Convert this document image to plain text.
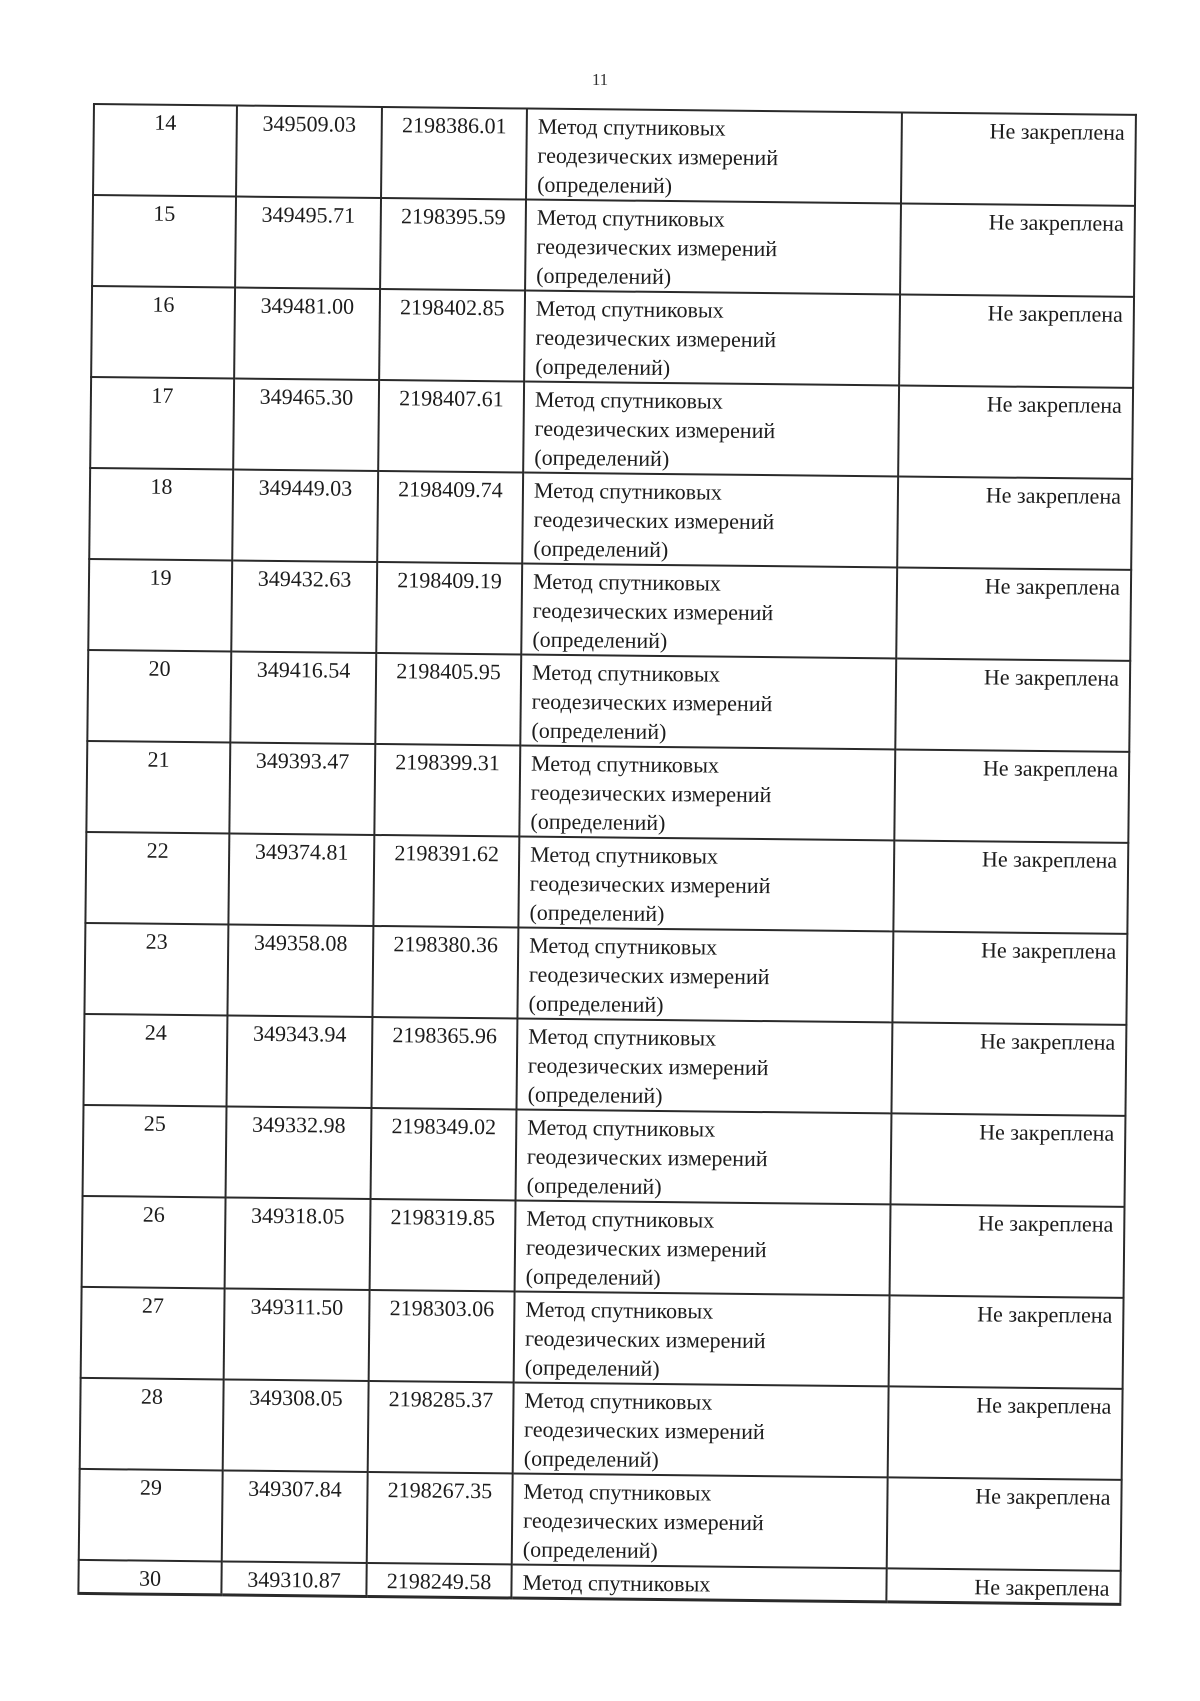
11
14	349509.03	2198386.01	Метод спутниковых
геодезических измерений
(определений)	Не закреплена
15	349495.71	2198395.59	Метод спутниковых
геодезических измерений
(определений)	Не закреплена
16	349481.00	2198402.85	Метод спутниковых
геодезических измерений
(определений)	Не закреплена
17	349465.30	2198407.61	Метод спутниковых
геодезических измерений
(определений)	Не закреплена
18	349449.03	2198409.74	Метод спутниковых
геодезических измерений
(определений)	Не закреплена
19	349432.63	2198409.19	Метод спутниковых
геодезических измерений
(определений)	Не закреплена
20	349416.54	2198405.95	Метод спутниковых
геодезических измерений
(определений)	Не закреплена
21	349393.47	2198399.31	Метод спутниковых
геодезических измерений
(определений)	Не закреплена
22	349374.81	2198391.62	Метод спутниковых
геодезических измерений
(определений)	Не закреплена
23	349358.08	2198380.36	Метод спутниковых
геодезических измерений
(определений)	Не закреплена
24	349343.94	2198365.96	Метод спутниковых
геодезических измерений
(определений)	Не закреплена
25	349332.98	2198349.02	Метод спутниковых
геодезических измерений
(определений)	Не закреплена
26	349318.05	2198319.85	Метод спутниковых
геодезических измерений
(определений)	Не закреплена
27	349311.50	2198303.06	Метод спутниковых
геодезических измерений
(определений)	Не закреплена
28	349308.05	2198285.37	Метод спутниковых
геодезических измерений
(определений)	Не закреплена
29	349307.84	2198267.35	Метод спутниковых
геодезических измерений
(определений)	Не закреплена
30	349310.87	2198249.58	Метод спутниковых	Не закреплена
